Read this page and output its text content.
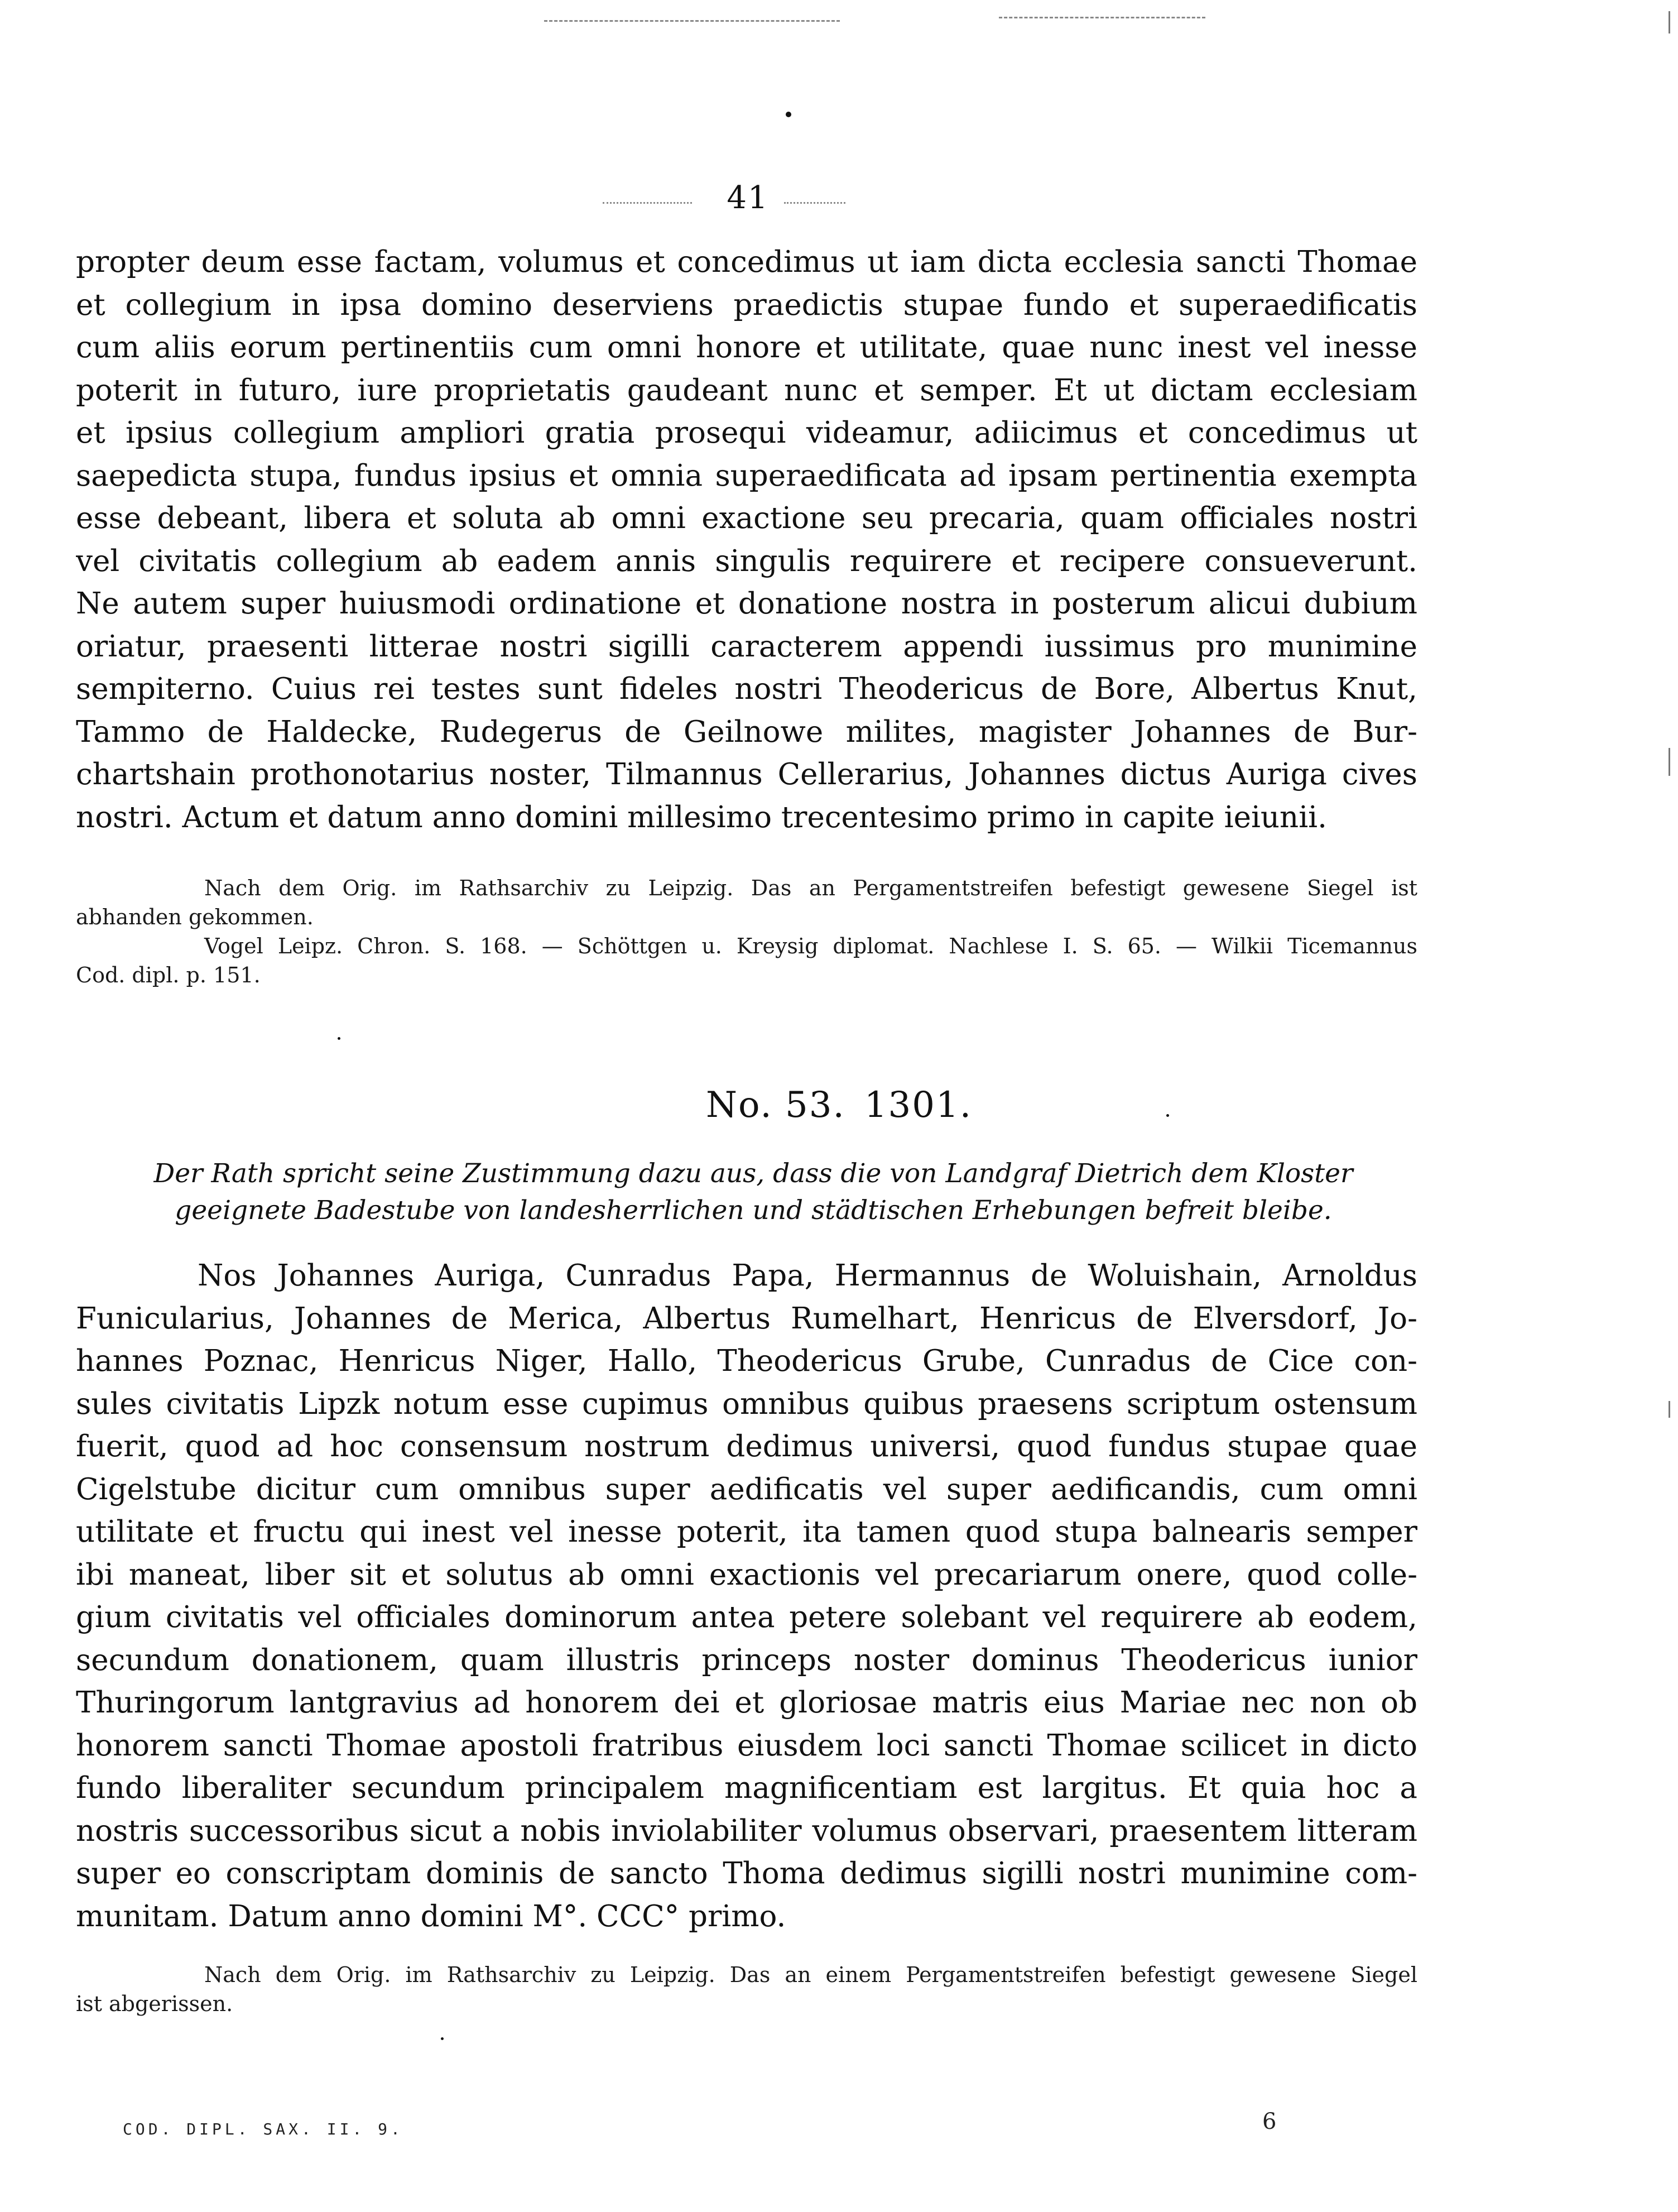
41
propter deum esse factam, volumus et concedimus ut iam dicta ecclesia sancti Thomae
et collegium in ipsa domino deserviens praedictis stupae fundo et superaedificatis
cum aliis eorum pertinentiis cum omni honore et utilitate, quae nunc inest vel inesse
poterit in futuro, iure proprietatis gaudeant nunc et semper. Et ut dictam ecclesiam
et ipsius collegium ampliori gratia prosequi videamur, adiicimus et concedimus ut
saepedicta stupa, fundus ipsius et omnia superaedificata ad ipsam pertinentia exempta
esse debeant, libera et soluta ab omni exactione seu precaria, quam officiales nostri
vel civitatis collegium ab eadem annis singulis requirere et recipere consueverunt.
Ne autem super huiusmodi ordinatione et donatione nostra in posterum alicui dubium
oriatur, praesenti litterae nostri sigilli caracterem appendi iussimus pro munimine
sempiterno. Cuius rei testes sunt fideles nostri Theodericus de Bore, Albertus Knut,
Tammo de Haldecke, Rudegerus de Geilnowe milites, magister Johannes de Bur-
chartshain prothonotarius noster, Tilmannus Cellerarius, Johannes dictus Auriga cives
nostri. Actum et datum anno domini millesimo trecentesimo primo in capite ieiunii.
Nach dem Orig. im Rathsarchiv zu Leipzig. Das an Pergamentstreifen befestigt gewesene Siegel ist
abhanden gekommen.
Vogel Leipz. Chron. S. 168. — Schöttgen u. Kreysig diplomat. Nachlese I. S. 65. — Wilkii Ticemannus
Cod. dipl. p. 151.
No. 53. 1301.
Der Rath spricht seine Zustimmung dazu aus, dass die von Landgraf Dietrich dem Kloster
geeignete Badestube von landesherrlichen und städtischen Erhebungen befreit bleibe.
Nos Johannes Auriga, Cunradus Papa, Hermannus de Woluishain, Arnoldus
Funicularius, Johannes de Merica, Albertus Rumelhart, Henricus de Elversdorf, Jo-
hannes Poznac, Henricus Niger, Hallo, Theodericus Grube, Cunradus de Cice con-
sules civitatis Lipzk notum esse cupimus omnibus quibus praesens scriptum ostensum
fuerit, quod ad hoc consensum nostrum dedimus universi, quod fundus stupae quae
Cigelstube dicitur cum omnibus super aedificatis vel super aedificandis, cum omni
utilitate et fructu qui inest vel inesse poterit, ita tamen quod stupa balnearis semper
ibi maneat, liber sit et solutus ab omni exactionis vel precariarum onere, quod colle-
gium civitatis vel officiales dominorum antea petere solebant vel requirere ab eodem,
secundum donationem, quam illustris princeps noster dominus Theodericus iunior
Thuringorum lantgravius ad honorem dei et gloriosae matris eius Mariae nec non ob
honorem sancti Thomae apostoli fratribus eiusdem loci sancti Thomae scilicet in dicto
fundo liberaliter secundum principalem magnificentiam est largitus. Et quia hoc a
nostris successoribus sicut a nobis inviolabiliter volumus observari, praesentem litteram
super eo conscriptam dominis de sancto Thoma dedimus sigilli nostri munimine com-
munitam. Datum anno domini M°. CCC° primo.
Nach dem Orig. im Rathsarchiv zu Leipzig. Das an einem Pergamentstreifen befestigt gewesene Siegel
ist abgerissen.
COD. DIPL. SAX. II. 9.	6
